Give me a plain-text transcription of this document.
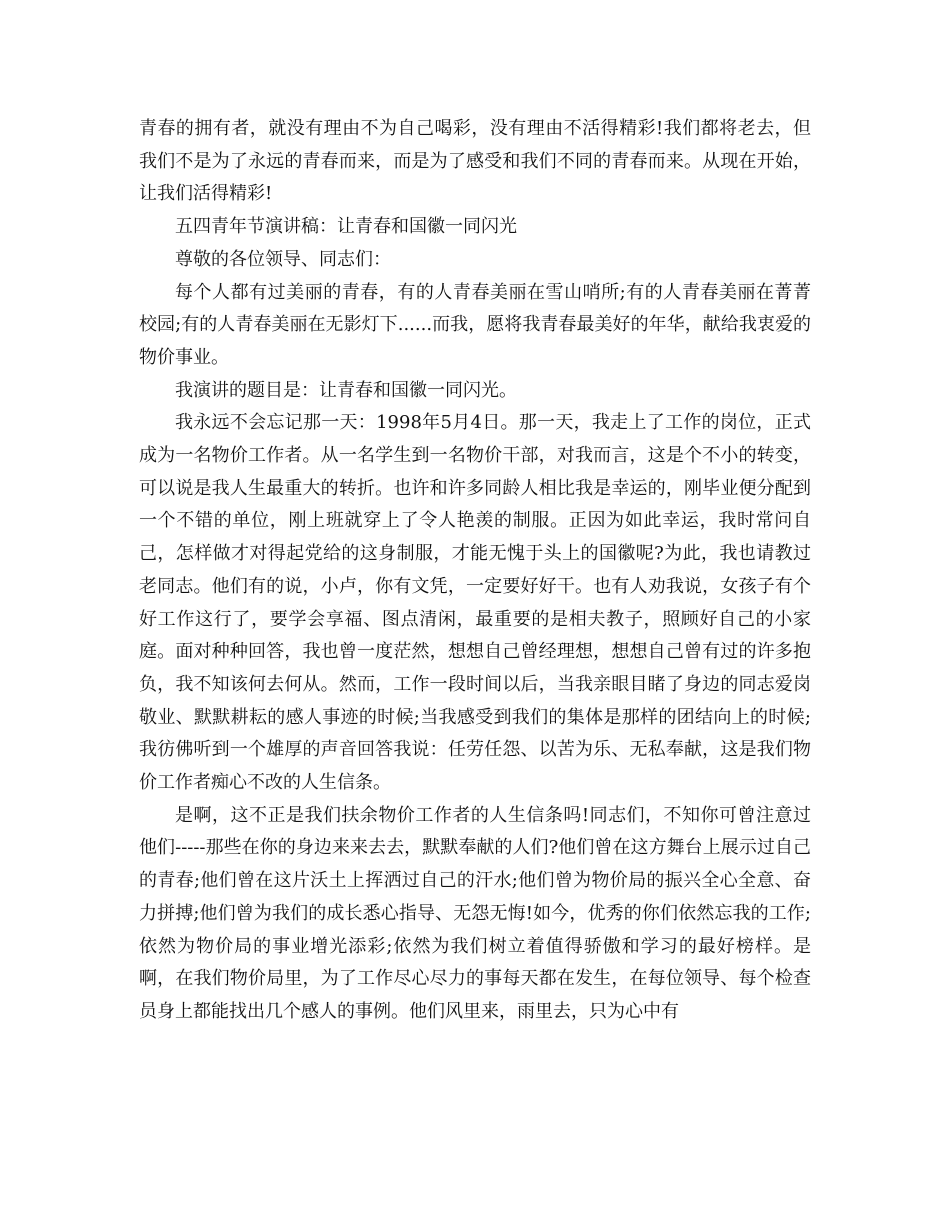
青春的拥有者，就没有理由不为自己喝彩，没有理由不活得精彩!我们都将老去，但我们不是为了永远的青春而来，而是为了感受和我们不同的青春而来。从现在开始，让我们活得精彩!

五四青年节演讲稿：让青春和国徽一同闪光

尊敬的各位领导、同志们：

每个人都有过美丽的青春，有的人青春美丽在雪山哨所;有的人青春美丽在菁菁校园;有的人青春美丽在无影灯下......而我，愿将我青春最美好的年华，献给我衷爱的物价事业。

我演讲的题目是：让青春和国徽一同闪光。

我永远不会忘记那一天：1998年5月4日。那一天，我走上了工作的岗位，正式成为一名物价工作者。从一名学生到一名物价干部，对我而言，这是个不小的转变，可以说是我人生最重大的转折。也许和许多同龄人相比我是幸运的，刚毕业便分配到一个不错的单位，刚上班就穿上了令人艳羡的制服。正因为如此幸运，我时常问自己，怎样做才对得起党给的这身制服，才能无愧于头上的国徽呢?为此，我也请教过老同志。他们有的说，小卢，你有文凭，一定要好好干。也有人劝我说，女孩子有个好工作这行了，要学会享福、图点清闲，最重要的是相夫教子，照顾好自己的小家庭。面对种种回答，我也曾一度茫然，想想自己曾经理想，想想自己曾有过的许多抱负，我不知该何去何从。然而，工作一段时间以后，当我亲眼目睹了身边的同志爱岗敬业、默默耕耘的感人事迹的时候;当我感受到我们的集体是那样的团结向上的时候;我彷佛听到一个雄厚的声音回答我说：任劳任怨、以苦为乐、无私奉献，这是我们物价工作者痴心不改的人生信条。

是啊，这不正是我们扶余物价工作者的人生信条吗!同志们，不知你可曾注意过他们-----那些在你的身边来来去去，默默奉献的人们?他们曾在这方舞台上展示过自己的青春;他们曾在这片沃土上挥洒过自己的汗水;他们曾为物价局的振兴全心全意、奋力拼搏;他们曾为我们的成长悉心指导、无怨无悔!如今，优秀的你们依然忘我的工作;依然为物价局的事业增光添彩;依然为我们树立着值得骄傲和学习的最好榜样。是啊，在我们物价局里，为了工作尽心尽力的事每天都在发生，在每位领导、每个检查员身上都能找出几个感人的事例。他们风里来，雨里去，只为心中有
